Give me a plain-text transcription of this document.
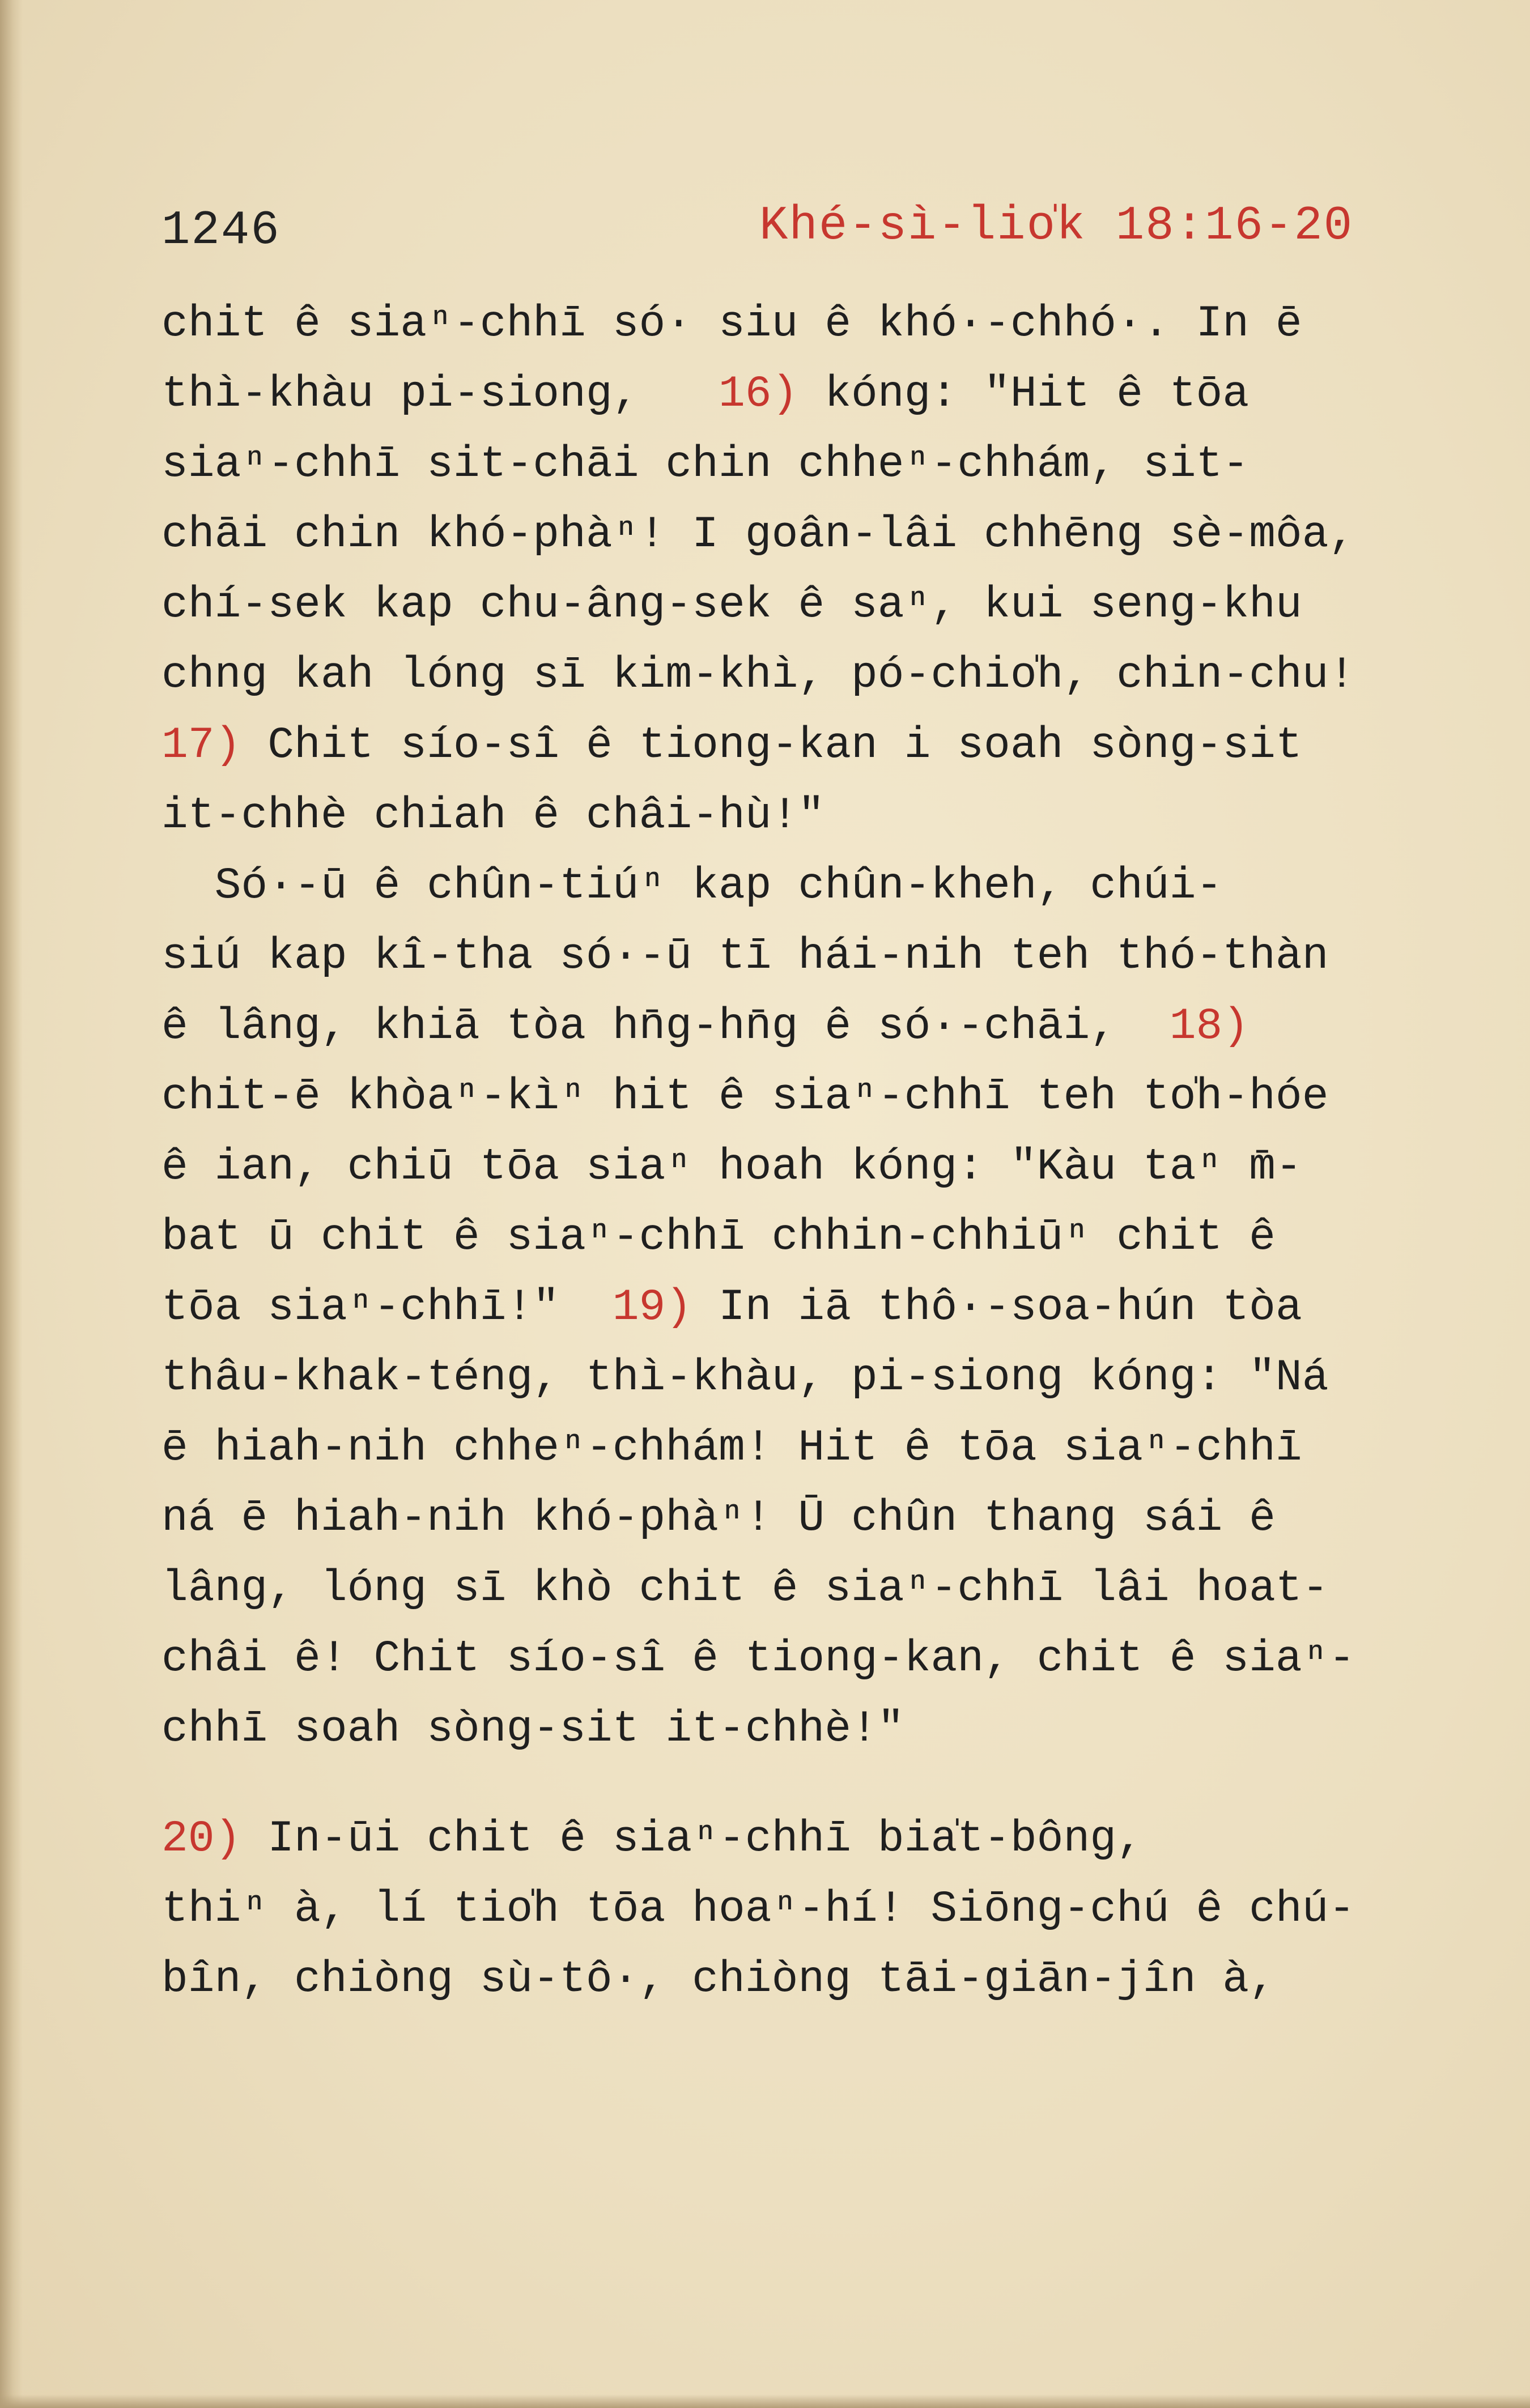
1246	Khé-sì-lio̍k 18:16-20
chit ê siaⁿ-chhī só· siu ê khó·-chhó·. In ē
thì-khàu pi-siong, 16) kóng: "Hit ê tōa
siaⁿ-chhī sit-chāi chin chheⁿ-chhám, sit-
chāi chin khó-phàⁿ! I goân-lâi chhēng sè-môa,
chí-sek kap chu-âng-sek ê saⁿ, kui seng-khu
chng kah lóng sī kim-khì, pó-chio̍h, chin-chu!
17) Chit sío-sî ê tiong-kan i soah sòng-sit
it-chhè chiah ê châi-hù!"
Só·-ū ê chûn-tiúⁿ kap chûn-kheh, chúi-
siú kap kî-tha só·-ū tī hái-nih teh thó-thàn
ê lâng, khiā tòa hn̄g-hn̄g ê só·-chāi, 18)
chit-ē khòaⁿ-kìⁿ hit ê siaⁿ-chhī teh to̍h-hóe
ê ian, chiū tōa siaⁿ hoah kóng: "Kàu taⁿ m̄-
bat ū chit ê siaⁿ-chhī chhin-chhiūⁿ chit ê
tōa siaⁿ-chhī!" 19) In iā thô·-soa-hún tòa
thâu-khak-téng, thì-khàu, pi-siong kóng: "Ná
ē hiah-nih chheⁿ-chhám! Hit ê tōa siaⁿ-chhī
ná ē hiah-nih khó-phàⁿ! Ū chûn thang sái ê
lâng, lóng sī khò chit ê siaⁿ-chhī lâi hoat-
châi ê! Chit sío-sî ê tiong-kan, chit ê siaⁿ-
chhī soah sòng-sit it-chhè!"
20) In-ūi chit ê siaⁿ-chhī bia̍t-bông,
thiⁿ à, lí tio̍h tōa hoaⁿ-hí! Siōng-chú ê chú-
bîn, chiòng sù-tô·, chiòng tāi-giān-jîn à,
